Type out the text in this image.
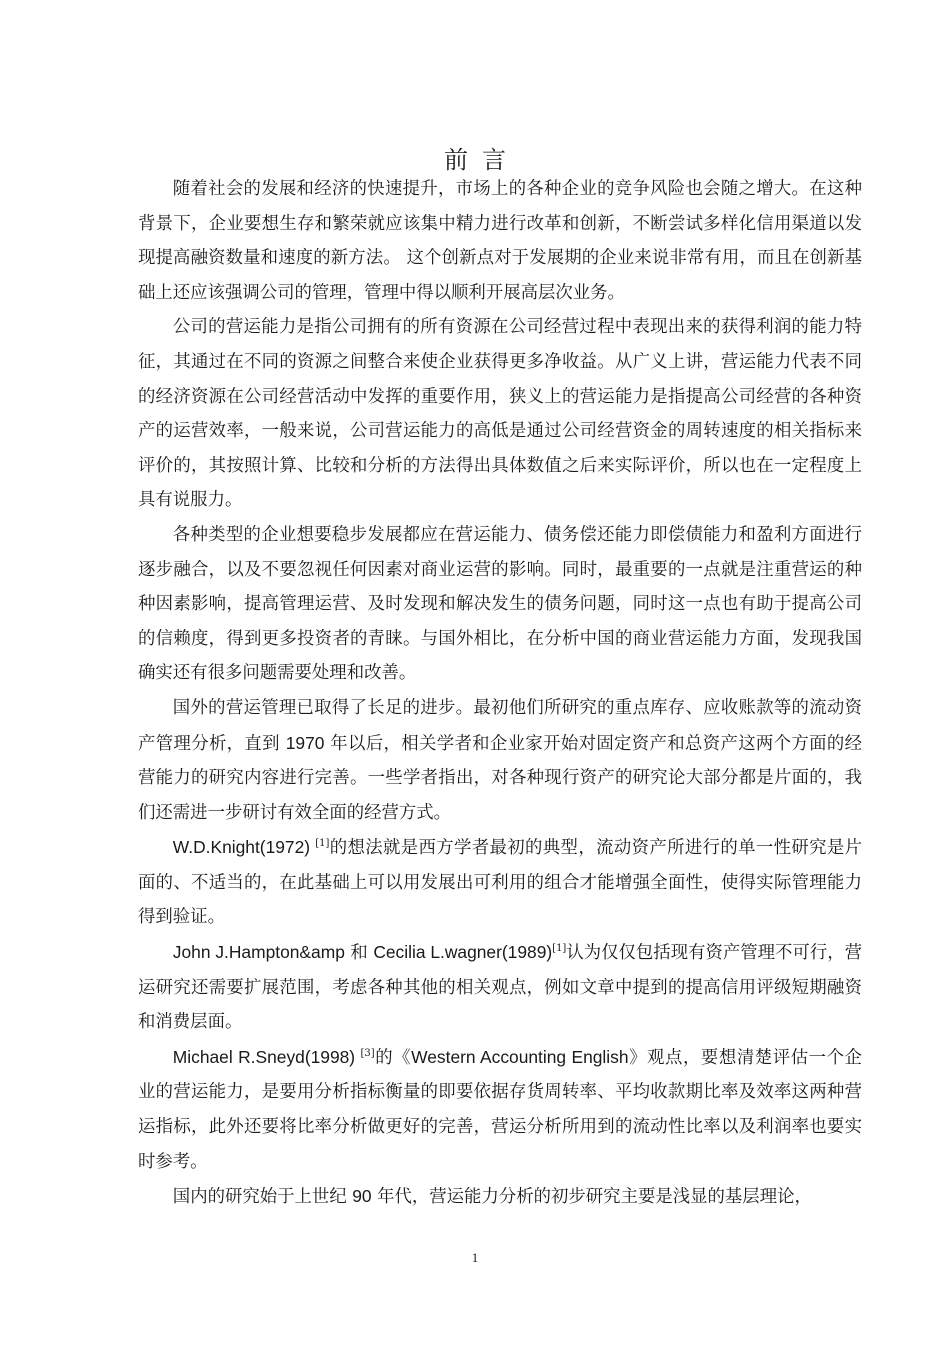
前言

随着社会的发展和经济的快速提升，市场上的各种企业的竞争风险也会随之增大。在这种背景下，企业要想生存和繁荣就应该集中精力进行改革和创新，不断尝试多样化信用渠道以发现提高融资数量和速度的新方法。 这个创新点对于发展期的企业来说非常有用，而且在创新基础上还应该强调公司的管理，管理中得以顺利开展高层次业务。

公司的营运能力是指公司拥有的所有资源在公司经营过程中表现出来的获得利润的能力特征，其通过在不同的资源之间整合来使企业获得更多净收益。从广义上讲，营运能力代表不同的经济资源在公司经营活动中发挥的重要作用，狭义上的营运能力是指提高公司经营的各种资产的运营效率，一般来说，公司营运能力的高低是通过公司经营资金的周转速度的相关指标来评价的，其按照计算、比较和分析的方法得出具体数值之后来实际评价，所以也在一定程度上具有说服力。

各种类型的企业想要稳步发展都应在营运能力、债务偿还能力即偿债能力和盈利方面进行逐步融合，以及不要忽视任何因素对商业运营的影响。同时，最重要的一点就是注重营运的种种因素影响，提高管理运营、及时发现和解决发生的债务问题，同时这一点也有助于提高公司的信赖度，得到更多投资者的青睐。与国外相比，在分析中国的商业营运能力方面，发现我国确实还有很多问题需要处理和改善。

国外的营运管理已取得了长足的进步。最初他们所研究的重点库存、应收账款等的流动资产管理分析，直到 1970 年以后，相关学者和企业家开始对固定资产和总资产这两个方面的经营能力的研究内容进行完善。一些学者指出，对各种现行资产的研究论大部分都是片面的，我们还需进一步研讨有效全面的经营方式。

W.D.Knight(1972) [1]的想法就是西方学者最初的典型，流动资产所进行的单一性研究是片面的、不适当的，在此基础上可以用发展出可利用的组合才能增强全面性，使得实际管理能力得到验证。

John J.Hampton&amp 和 Cecilia L.wagner(1989)[1]认为仅仅包括现有资产管理不可行，营运研究还需要扩展范围，考虑各种其他的相关观点，例如文章中提到的提高信用评级短期融资和消费层面。

Michael R.Sneyd(1998) [3]的《Western Accounting English》观点，要想清楚评估一个企业的营运能力，是要用分析指标衡量的即要依据存货周转率、平均收款期比率及效率这两种营运指标，此外还要将比率分析做更好的完善，营运分析所用到的流动性比率以及利润率也要实时参考。

国内的研究始于上世纪 90 年代，营运能力分析的初步研究主要是浅显的基层理论，

1
